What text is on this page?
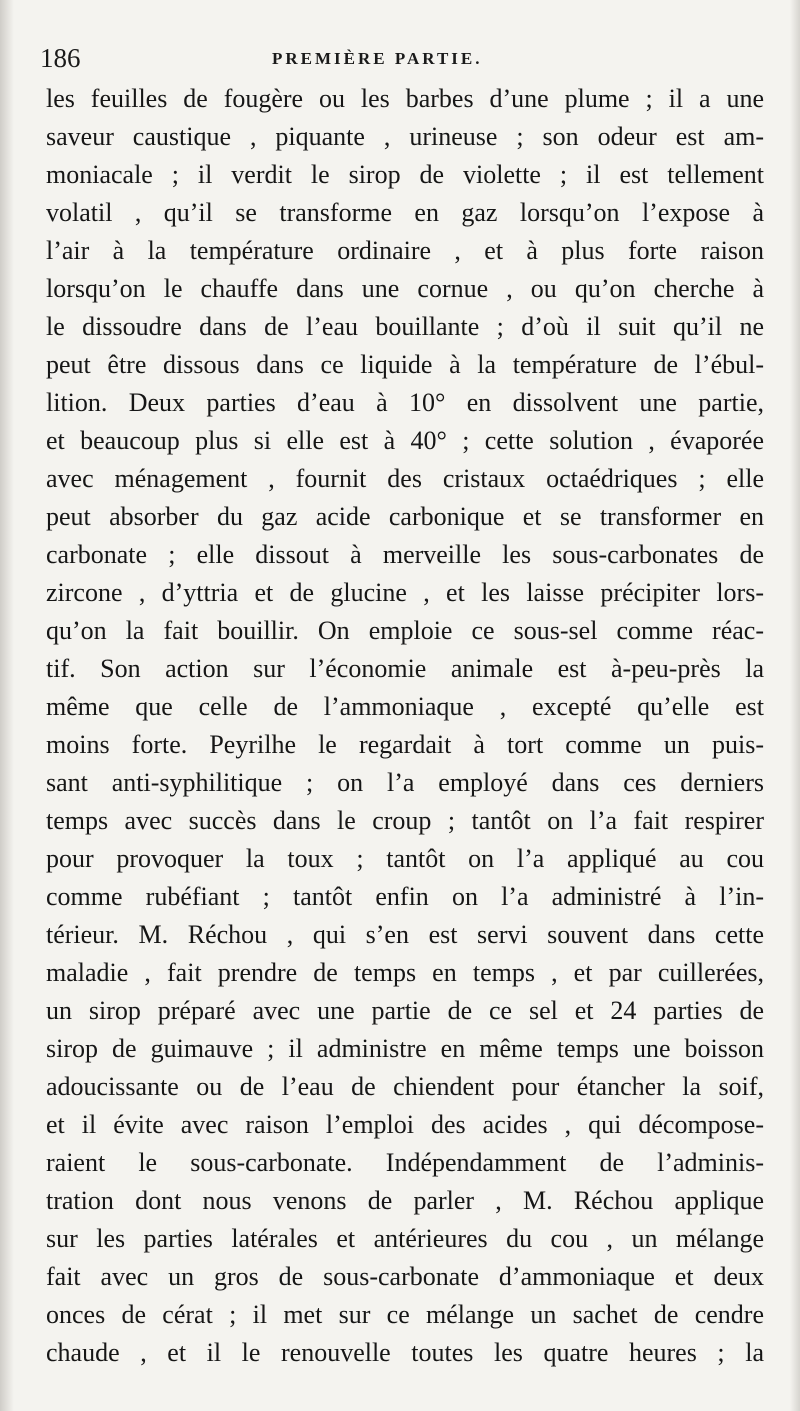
186	PREMIÈRE PARTIE.
les feuilles de fougère ou les barbes d’une plume ; il a une
saveur caustique , piquante , urineuse ; son odeur est am-
moniacale ; il verdit le sirop de violette ; il est tellement
volatil , qu’il se transforme en gaz lorsqu’on l’expose à
l’air à la température ordinaire , et à plus forte raison
lorsqu’on le chauffe dans une cornue , ou qu’on cherche à
le dissoudre dans de l’eau bouillante ; d’où il suit qu’il ne
peut être dissous dans ce liquide à la température de l’ébul-
lition. Deux parties d’eau à 10° en dissolvent une partie,
et beaucoup plus si elle est à 40° ; cette solution , évaporée
avec ménagement , fournit des cristaux octaédriques ; elle
peut absorber du gaz acide carbonique et se transformer en
carbonate ; elle dissout à merveille les sous-carbonates de
zircone , d’yttria et de glucine , et les laisse précipiter lors-
qu’on la fait bouillir. On emploie ce sous-sel comme réac-
tif. Son action sur l’économie animale est à-peu-près la
même que celle de l’ammoniaque , excepté qu’elle est
moins forte. Peyrilhe le regardait à tort comme un puis-
sant anti-syphilitique ; on l’a employé dans ces derniers
temps avec succès dans le croup ; tantôt on l’a fait respirer
pour provoquer la toux ; tantôt on l’a appliqué au cou
comme rubéfiant ; tantôt enfin on l’a administré à l’in-
térieur. M. Réchou , qui s’en est servi souvent dans cette
maladie , fait prendre de temps en temps , et par cuillerées,
un sirop préparé avec une partie de ce sel et 24 parties de
sirop de guimauve ; il administre en même temps une boisson
adoucissante ou de l’eau de chiendent pour étancher la soif,
et il évite avec raison l’emploi des acides , qui décompose-
raient le sous-carbonate. Indépendamment de l’adminis-
tration dont nous venons de parler , M. Réchou applique
sur les parties latérales et antérieures du cou , un mélange
fait avec un gros de sous-carbonate d’ammoniaque et deux
onces de cérat ; il met sur ce mélange un sachet de cendre
chaude , et il le renouvelle toutes les quatre heures ; la
